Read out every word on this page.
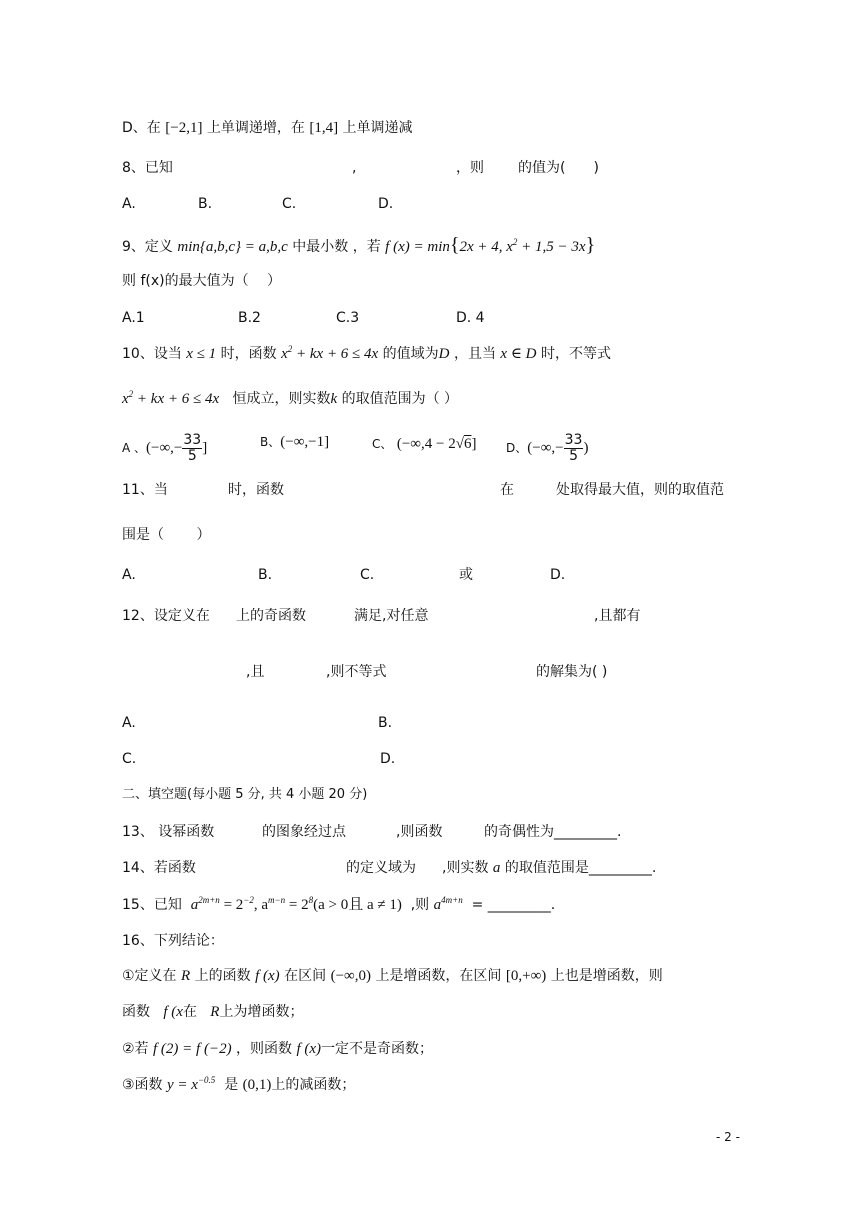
D、在 [−2,1] 上单调递增，在 [1,4] 上单调递减
8、已知	,	，则 的值为(　　)
A.	B.	C.	D.
9、定义 min{a,b,c} = a,b,c 中最小数 ，若 f (x) = min{2x + 4, $x^2 + 1,5 - 3x$}
则 f(x)的最大值为（　 ）
A.1	B.2	C.3	D. 4
10、设当 x ≤ 1 时，函数 $x^2$ + kx + 6 ≤ 4x 的值域为D ，且当 x ∈ D 时，不等式
$x^2$ + kx + 6 ≤ 4x 恒成立，则实数k 的取值范围为（ ）
A 、(−∞,− $\frac{33}{5}$ ]	B、(−∞,−1]	C、 (−∞,4 − 2√6] D、(−∞,− $\frac{33}{5}$ )
11、当	时，函数	在	处取得最大值，则的取值范
围是（　　 ）
A.	B.	C.	或	D.
12、设定义在 上的奇函数	满足,对任意	,且都有
,且	,则不等式	的解集为( )
A.	B.
C.	D.
二、填空题(每小题 5 分, 共 4 小题 20 分)
13、 设幂函数	的图象经过点	,则函数	的奇偶性为_________.
14、若函数	的定义域为 ,则实数 a 的取值范围是_________.
15、已知 $a^{2m+n} = 2^{-2}$, $a^{m-n} = 2^8(a > 0$且 a ≠ 1) ,则 $a^{4m+n}$ = _________.
16、下列结论：
①定义在 R 上的函数 f (x) 在区间 (−∞,0) 上是增函数，在区间 [0,+∞) 上也是增函数，则
函数 f (x在 R上为增函数；
②若 f (2) = f (−2) ，则函数 f (x)一定不是奇函数；
③函数 $y = x^{-0.5}$ 是 (0,1)上的减函数；
- 2 -
